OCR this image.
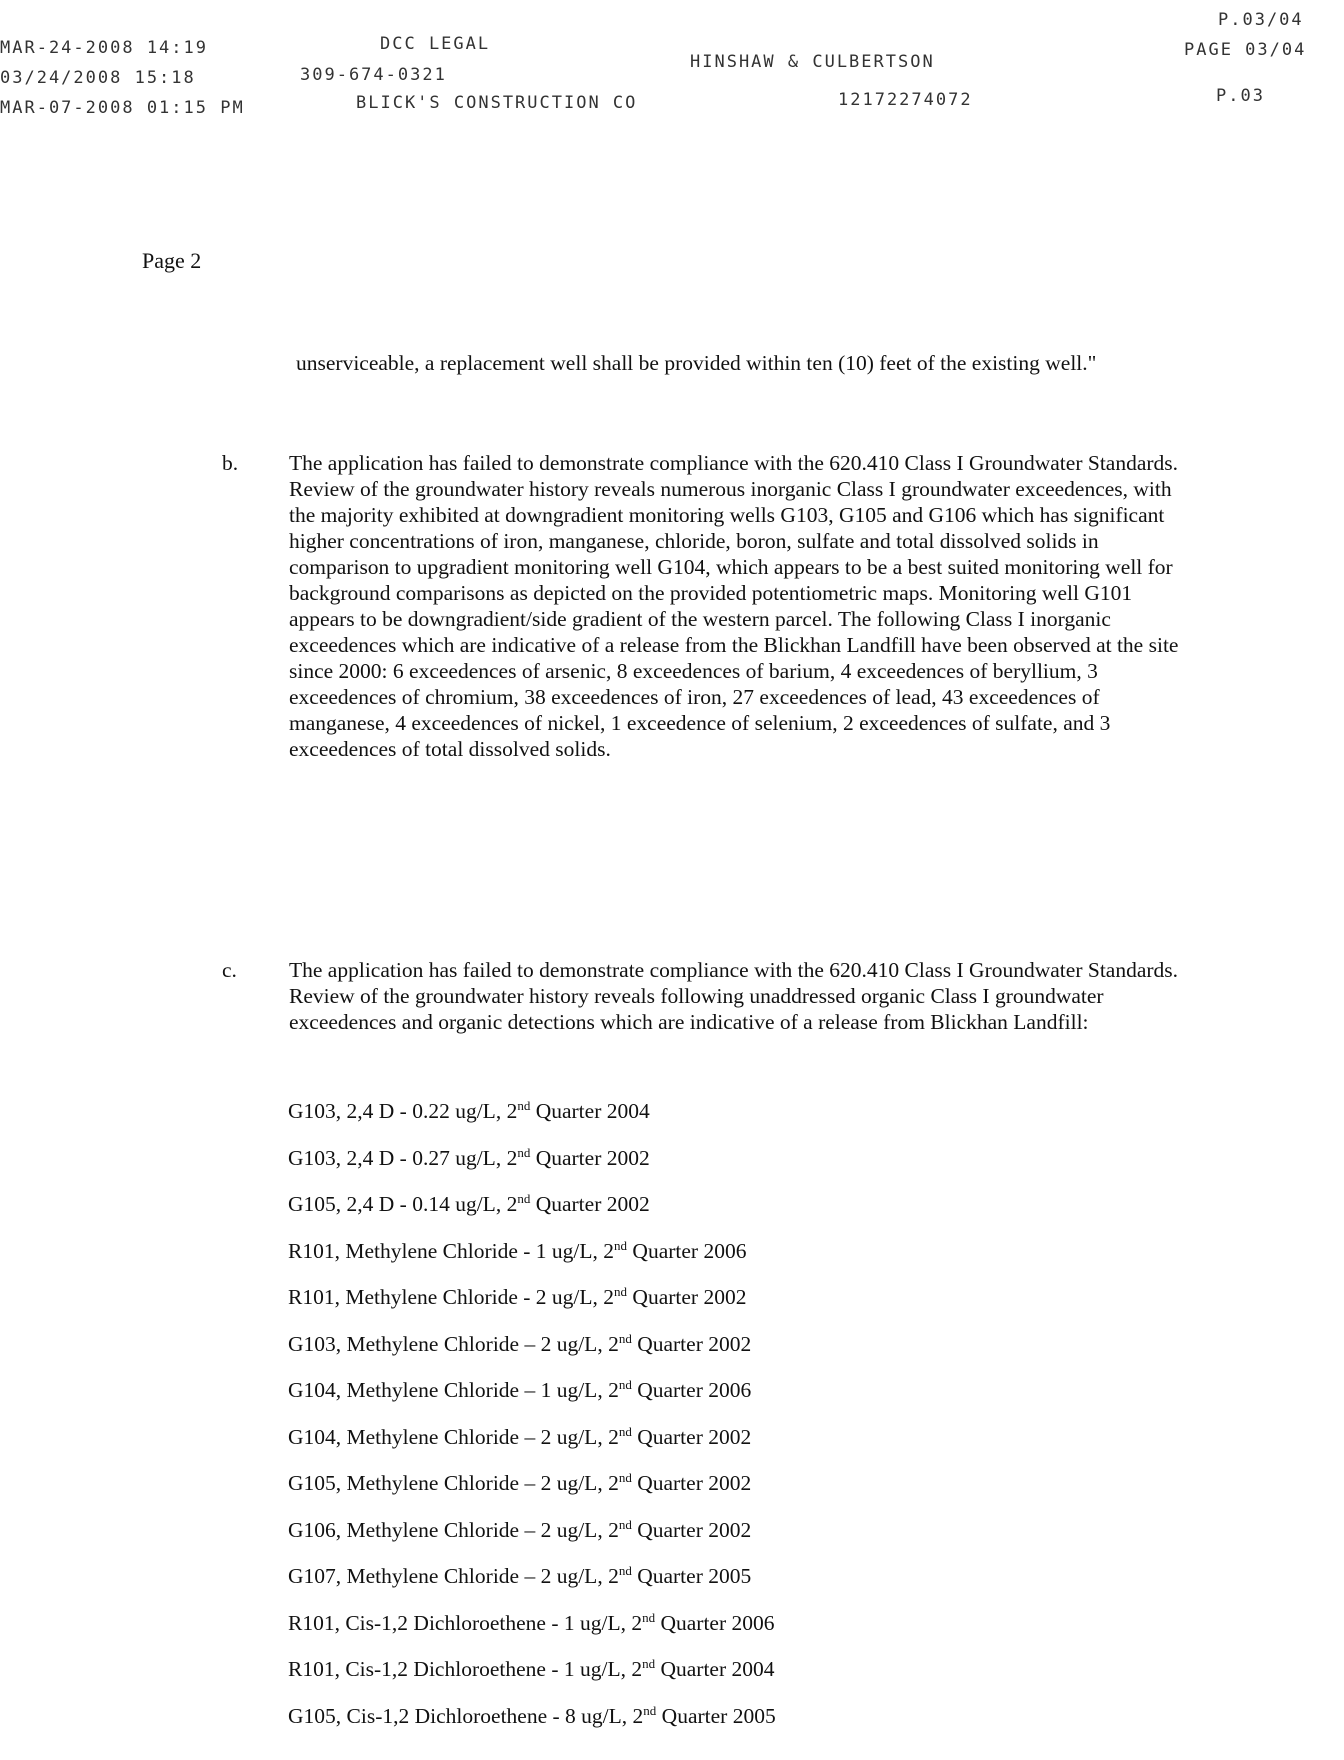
MAR-24-2008 14:19	DCC LEGAL
P.03/04
03/24/2008 15:18	309-674-0321
HINSHAW & CULBERTSON
PAGE 03/04
MAR-07-2008 01:15 PM	BLICK'S CONSTRUCTION CO	12172274072	P.03
Page 2
unserviceable, a replacement well shall be provided within ten (10) feet of the existing well."
b.	The application has failed to demonstrate compliance with the 620.410 Class I Groundwater Standards. Review of the groundwater history reveals numerous inorganic Class I groundwater exceedences, with the majority exhibited at downgradient monitoring wells G103, G105 and G106 which has significant higher concentrations of iron, manganese, chloride, boron, sulfate and total dissolved solids in comparison to upgradient monitoring well G104, which appears to be a best suited monitoring well for background comparisons as depicted on the provided potentiometric maps. Monitoring well G101 appears to be downgradient/side gradient of the western parcel. The following Class I inorganic exceedences which are indicative of a release from the Blickhan Landfill have been observed at the site since 2000: 6 exceedences of arsenic, 8 exceedences of barium, 4 exceedences of beryllium, 3 exceedences of chromium, 38 exceedences of iron, 27 exceedences of lead, 43 exceedences of manganese, 4 exceedences of nickel, 1 exceedence of selenium, 2 exceedences of sulfate, and 3 exceedences of total dissolved solids.
c.	The application has failed to demonstrate compliance with the 620.410 Class I Groundwater Standards. Review of the groundwater history reveals following unaddressed organic Class I groundwater exceedences and organic detections which are indicative of a release from Blickhan Landfill:
G103, 2,4 D - 0.22 ug/L, 2nd Quarter 2004
G103, 2,4 D - 0.27 ug/L, 2nd Quarter 2002
G105, 2,4 D - 0.14 ug/L, 2nd Quarter 2002
R101, Methylene Chloride - 1 ug/L, 2nd Quarter 2006
R101, Methylene Chloride - 2 ug/L, 2nd Quarter 2002
G103, Methylene Chloride – 2 ug/L, 2nd Quarter 2002
G104, Methylene Chloride – 1 ug/L, 2nd Quarter 2006
G104, Methylene Chloride – 2 ug/L, 2nd Quarter 2002
G105, Methylene Chloride – 2 ug/L, 2nd Quarter 2002
G106, Methylene Chloride – 2 ug/L, 2nd Quarter 2002
G107, Methylene Chloride – 2 ug/L, 2nd Quarter 2005
R101, Cis-1,2 Dichloroethene - 1 ug/L, 2nd Quarter 2006
R101, Cis-1,2 Dichloroethene - 1 ug/L, 2nd Quarter 2004
G105, Cis-1,2 Dichloroethene - 8 ug/L, 2nd Quarter 2005
